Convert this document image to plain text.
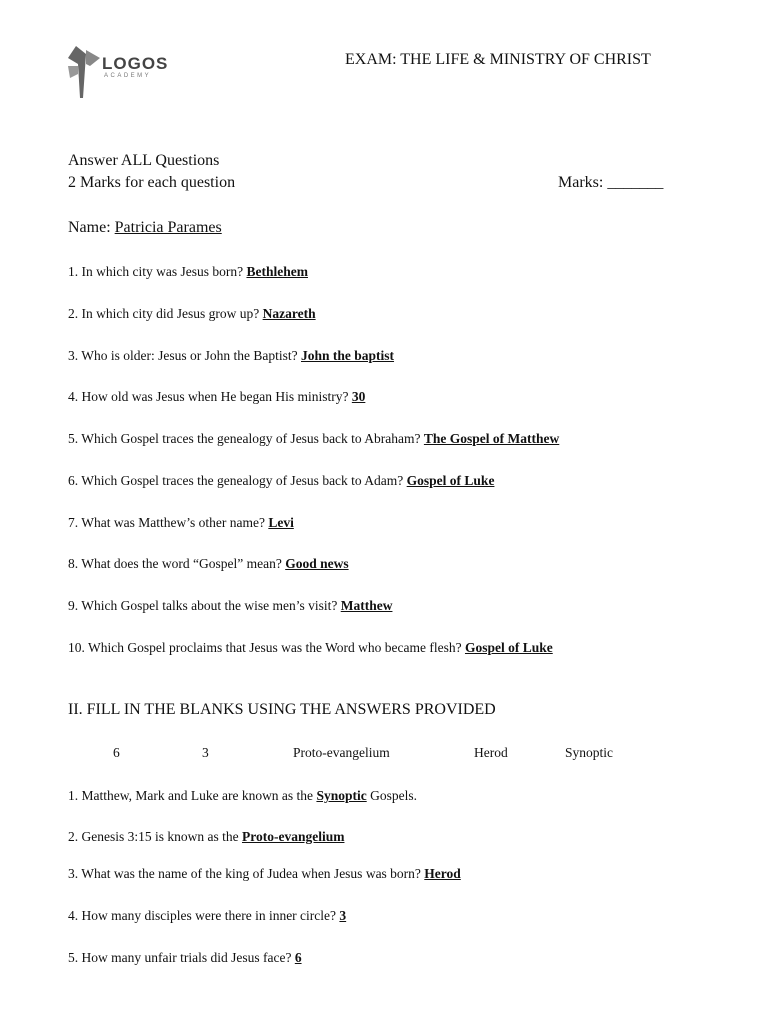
LOGOS
ACADEMY
EXAM: THE LIFE & MINISTRY OF CHRIST
Answer ALL Questions
2 Marks for each question	Marks: _______
Name: Patricia Parames
1. In which city was Jesus born? Bethlehem
2. In which city did Jesus grow up? Nazareth
3. Who is older: Jesus or John the Baptist? John the baptist
4. How old was Jesus when He began His ministry? 30
5. Which Gospel traces the genealogy of Jesus back to Abraham? The Gospel of Matthew
6. Which Gospel traces the genealogy of Jesus back to Adam? Gospel of Luke
7. What was Matthew’s other name? Levi
8. What does the word “Gospel” mean? Good news
9. Which Gospel talks about the wise men’s visit? Matthew
10. Which Gospel proclaims that Jesus was the Word who became flesh? Gospel of Luke
II. FILL IN THE BLANKS USING THE ANSWERS PROVIDED
6	3	Proto-evangelium	Herod	Synoptic
1. Matthew, Mark and Luke are known as the Synoptic Gospels.
2. Genesis 3:15 is known as the Proto-evangelium
3. What was the name of the king of Judea when Jesus was born? Herod
4. How many disciples were there in inner circle? 3
5. How many unfair trials did Jesus face? 6
